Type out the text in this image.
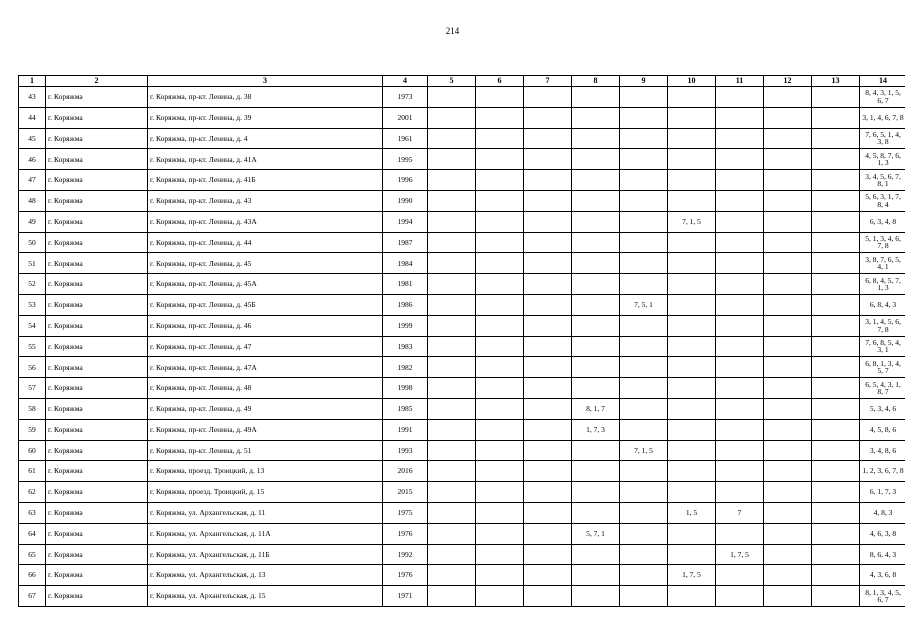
214
1	2	3	4	5	6	7	8	9	10	11	12	13	14
43	г. Коряжма	г. Коряжма, пр-кт. Ленина, д. 38	1973										8, 4, 3, 1, 5, 6, 7
44	г. Коряжма	г. Коряжма, пр-кт. Ленина, д. 39	2001										3, 1, 4, 6, 7, 8
45	г. Коряжма	г. Коряжма, пр-кт. Ленина, д. 4	1961										7, 6, 5, 1, 4, 3, 8
46	г. Коряжма	г. Коряжма, пр-кт. Ленина, д. 41А	1995										4, 5, 8, 7, 6, 1, 3
47	г. Коряжма	г. Коряжма, пр-кт. Ленина, д. 41Б	1996										3, 4, 5, 6, 7, 8, 1
48	г. Коряжма	г. Коряжма, пр-кт. Ленина, д. 43	1990										5, 6, 3, 1, 7, 8, 4
49	г. Коряжма	г. Коряжма, пр-кт. Ленина, д. 43А	1994						7, 1, 5				6, 3, 4, 8
50	г. Коряжма	г. Коряжма, пр-кт. Ленина, д. 44	1987										5, 1, 3, 4, 6, 7, 8
51	г. Коряжма	г. Коряжма, пр-кт. Ленина, д. 45	1984										3, 8, 7, 6, 5, 4, 1
52	г. Коряжма	г. Коряжма, пр-кт. Ленина, д. 45А	1981										6, 8, 4, 5, 7, 1, 3
53	г. Коряжма	г. Коряжма, пр-кт. Ленина, д. 45Б	1986					7, 5, 1					6, 8, 4, 3
54	г. Коряжма	г. Коряжма, пр-кт. Ленина, д. 46	1999										3, 1, 4, 5, 6, 7, 8
55	г. Коряжма	г. Коряжма, пр-кт. Ленина, д. 47	1983										7, 6, 8, 5, 4, 3, 1
56	г. Коряжма	г. Коряжма, пр-кт. Ленина, д. 47А	1982										6, 8, 1, 3, 4, 5, 7
57	г. Коряжма	г. Коряжма, пр-кт. Ленина, д. 48	1998										6, 5, 4, 3, 1, 8, 7
58	г. Коряжма	г. Коряжма, пр-кт. Ленина, д. 49	1985				8, 1, 7						5, 3, 4, 6
59	г. Коряжма	г. Коряжма, пр-кт. Ленина, д. 49А	1991				1, 7, 3						4, 5, 8, 6
60	г. Коряжма	г. Коряжма, пр-кт. Ленина, д. 51	1993					7, 1, 5					3, 4, 8, 6
61	г. Коряжма	г. Коряжма, проезд. Троицкий, д. 13	2016										1, 2, 3, 6, 7, 8
62	г. Коряжма	г. Коряжма, проезд. Троицкий, д. 15	2015										6, 1, 7, 3
63	г. Коряжма	г. Коряжма, ул. Архангельская, д. 11	1975						1, 5	7			4, 8, 3
64	г. Коряжма	г. Коряжма, ул. Архангельская, д. 11А	1976				5, 7, 1						4, 6, 3, 8
65	г. Коряжма	г. Коряжма, ул. Архангельская, д. 11Б	1992							1, 7, 5			8, 6, 4, 3
66	г. Коряжма	г. Коряжма, ул. Архангельская, д. 13	1976						1, 7, 5				4, 3, 6, 8
67	г. Коряжма	г. Коряжма, ул. Архангельская, д. 15	1971										8, 1, 3, 4, 5, 6, 7
